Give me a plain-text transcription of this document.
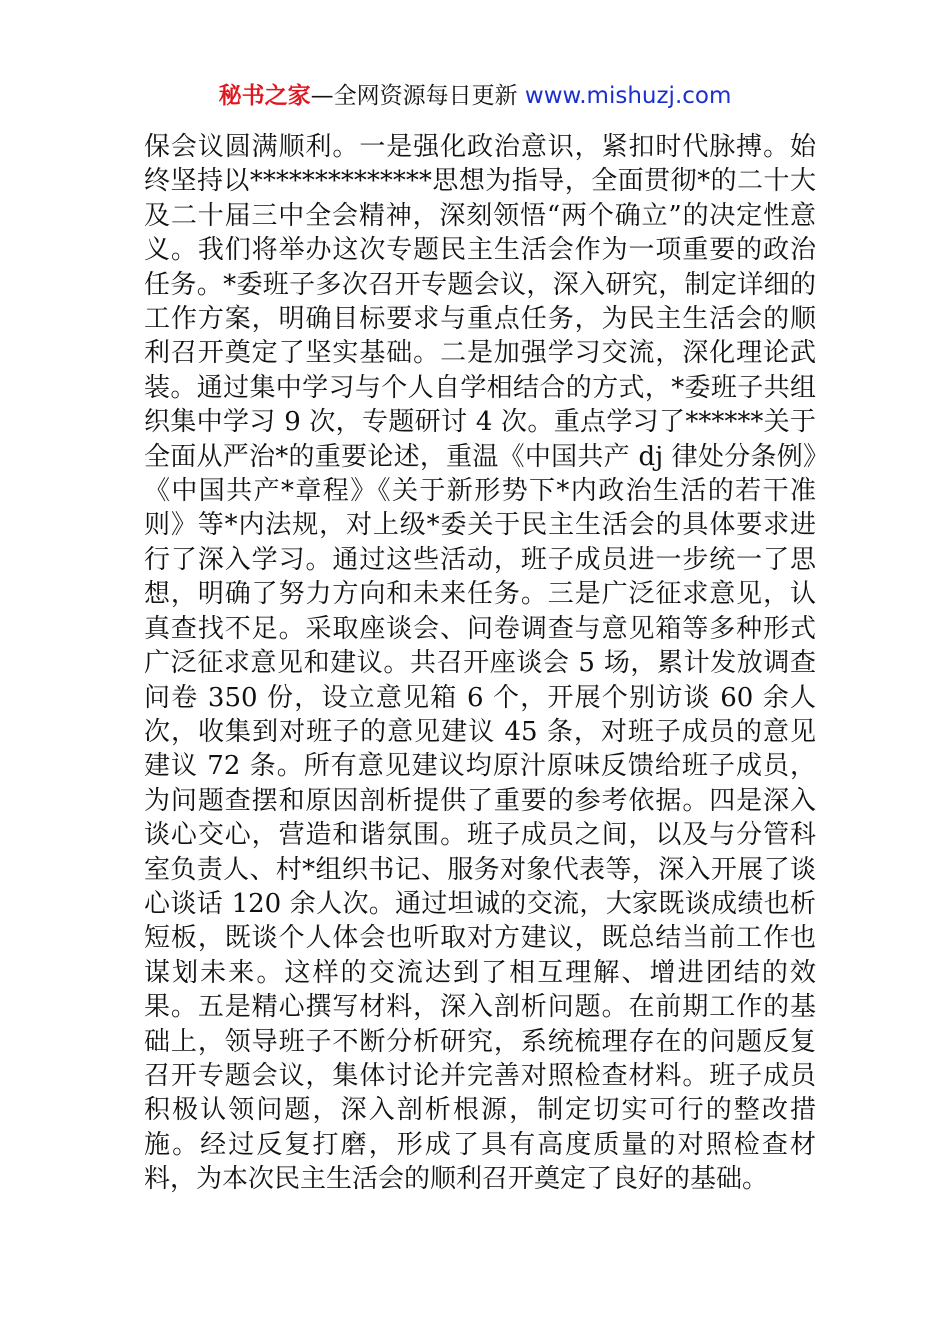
秘书之家—全网资源每日更新 www.mishuzj.com

保会议圆满顺利。一是强化政治意识，紧扣时代脉搏。始终坚持以**************思想为指导，全面贯彻*的二十大及二十届三中全会精神，深刻领悟“两个确立”的决定性意义。我们将举办这次专题民主生活会作为一项重要的政治任务。*委班子多次召开专题会议，深入研究，制定详细的工作方案，明确目标要求与重点任务，为民主生活会的顺利召开奠定了坚实基础。二是加强学习交流，深化理论武装。通过集中学习与个人自学相结合的方式，*委班子共组织集中学习 9 次，专题研讨 4 次。重点学习了******关于全面从严治*的重要论述，重温《中国共产 dj 律处分条例》《中国共产*章程》《关于新形势下*内政治生活的若干准则》等*内法规，对上级*委关于民主生活会的具体要求进行了深入学习。通过这些活动，班子成员进一步统一了思想，明确了努力方向和未来任务。三是广泛征求意见，认真查找不足。采取座谈会、问卷调查与意见箱等多种形式广泛征求意见和建议。共召开座谈会 5 场，累计发放调查问卷 350 份，设立意见箱 6 个，开展个别访谈 60 余人次，收集到对班子的意见建议 45 条，对班子成员的意见建议 72 条。所有意见建议均原汁原味反馈给班子成员，为问题查摆和原因剖析提供了重要的参考依据。四是深入谈心交心，营造和谐氛围。班子成员之间，以及与分管科室负责人、村*组织书记、服务对象代表等，深入开展了谈心谈话 120 余人次。通过坦诚的交流，大家既谈成绩也析短板，既谈个人体会也听取对方建议，既总结当前工作也谋划未来。这样的交流达到了相互理解、增进团结的效果。五是精心撰写材料，深入剖析问题。在前期工作的基础上，领导班子不断分析研究，系统梳理存在的问题反复召开专题会议，集体讨论并完善对照检查材料。班子成员积极认领问题，深入剖析根源，制定切实可行的整改措施。经过反复打磨，形成了具有高度质量的对照检查材料，为本次民主生活会的顺利召开奠定了良好的基础。
